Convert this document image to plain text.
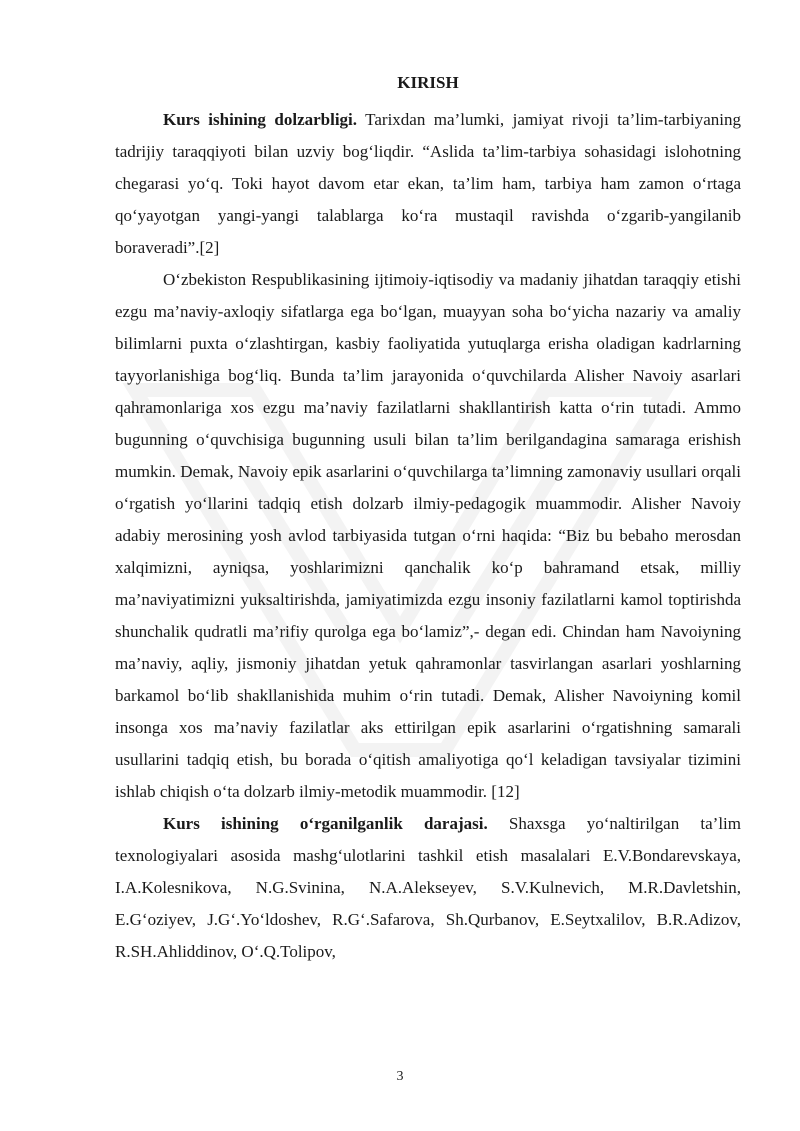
KIRISH

Kurs ishining dolzarbligi. Tarixdan ma’lumki, jamiyat rivoji ta’lim-tarbiyaning tadrijiy taraqqiyoti bilan uzviy bog‘liqdir. “Aslida ta’lim-tarbiya sohasidagi islohotning chegarasi yo‘q. Toki hayot davom etar ekan, ta’lim ham, tarbiya ham zamon o‘rtaga qo‘yayotgan yangi-yangi talablarga ko‘ra mustaqil ravishda o‘zgarib-yangilanib boraveradi”.[2]

O‘zbekiston Respublikasining ijtimoiy-iqtisodiy va madaniy jihatdan taraqqiy etishi ezgu ma’naviy-axloqiy sifatlarga ega bo‘lgan, muayyan soha bo‘yicha nazariy va amaliy bilimlarni puxta o‘zlashtirgan, kasbiy faoliyatida yutuqlarga erisha oladigan kadrlarning tayyorlanishiga bog‘liq. Bunda ta’lim jarayonida o‘quvchilarda Alisher Navoiy asarlari qahramonlariga xos ezgu ma’naviy fazilatlarni shakllantirish katta o‘rin tutadi. Ammo bugunning o‘quvchisiga bugunning usuli bilan ta’lim berilgandagina samaraga erishish mumkin. Demak, Navoiy epik asarlarini o‘quvchilarga ta’limning zamonaviy usullari orqali o‘rgatish yo‘llarini tadqiq etish dolzarb ilmiy-pedagogik muammodir. Alisher Navoiy adabiy merosining yosh avlod tarbiyasida tutgan o‘rni haqida: “Biz bu bebaho merosdan xalqimizni, ayniqsa, yoshlarimizni qanchalik ko‘p bahramand etsak, milliy ma’naviyatimizni yuksaltirishda, jamiyatimizda ezgu insoniy fazilatlarni kamol toptirishda shunchalik qudratli ma’rifiy qurolga ega bo‘lamiz”,- degan edi. Chindan ham Navoiyning ma’naviy, aqliy, jismoniy jihatdan yetuk qahramonlar tasvirlangan asarlari yoshlarning barkamol bo‘lib shakllanishida muhim o‘rin tutadi. Demak, Alisher Navoiyning komil insonga xos ma’naviy fazilatlar aks ettirilgan epik asarlarini o‘rgatishning samarali usullarini tadqiq etish, bu borada o‘qitish amaliyotiga qo‘l keladigan tavsiyalar tizimini ishlab chiqish o‘ta dolzarb ilmiy-metodik muammodir. [12]

Kurs ishining o‘rganilganlik darajasi. Shaxsga yo‘naltirilgan ta’lim texnologiyalari asosida mashg‘ulotlarini tashkil etish masalalari E.V.Bondarevskaya, I.A.Kolesnikova, N.G.Svinina, N.A.Alekseyev, S.V.Kulnevich, M.R.Davletshin, E.G‘oziyev, J.G‘.Yo‘ldoshev, R.G‘.Safarova, Sh.Qurbanov, E.Seytxalilov, B.R.Adizov, R.SH.Ahliddinov, O‘.Q.Tolipov,

3
